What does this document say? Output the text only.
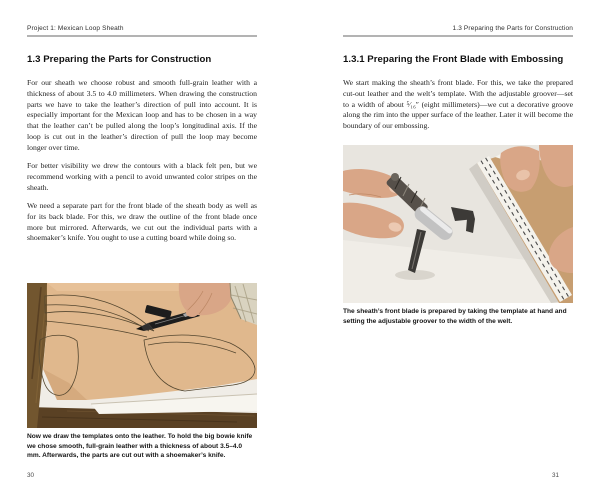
Project 1: Mexican Loop Sheath
1.3 Preparing the Parts for Construction

For our sheath we choose robust and smooth full-grain leather with a thickness of about 3.5 to 4.0 millimeters. When drawing the construction parts we have to take the leather’s direction of pull into account. It is especially important for the Mexican loop and has to be chosen in a way that the leather can’t be pulled along the loop’s longitudinal axis. If the loop is cut out in the leather’s direction of pull the loop may become longer over time.

For better visibility we drew the contours with a black felt pen, but we recommend working with a pencil to avoid unwanted color stripes on the sheath.

We need a separate part for the front blade of the sheath body as well as for its back blade. For this, we draw the outline of the front blade once more but mirrored. Afterwards, we cut out the individual parts with a shoemaker’s knife. You ought to use a cutting board while doing so.

Now we draw the templates onto the leather. To hold the big bowie knife we chose smooth, full-grain leather with a thickness of about 3.5–4.0 mm. Afterwards, the parts are cut out with a shoemaker’s knife.

30
1.3 Preparing the Parts for Construction
1.3.1 Preparing the Front Blade with Embossing

We start making the sheath’s front blade. For this, we take the prepared cut-out leather and the welt’s template. With the adjustable groover—set to a width of about ⁵⁄₁₆″ (eight millimeters)—we cut a decorative groove along the rim into the upper surface of the leather. Later it will become the boundary of our embossing.

The sheath’s front blade is prepared by taking the template at hand and setting the adjustable groover to the width of the welt.

31
